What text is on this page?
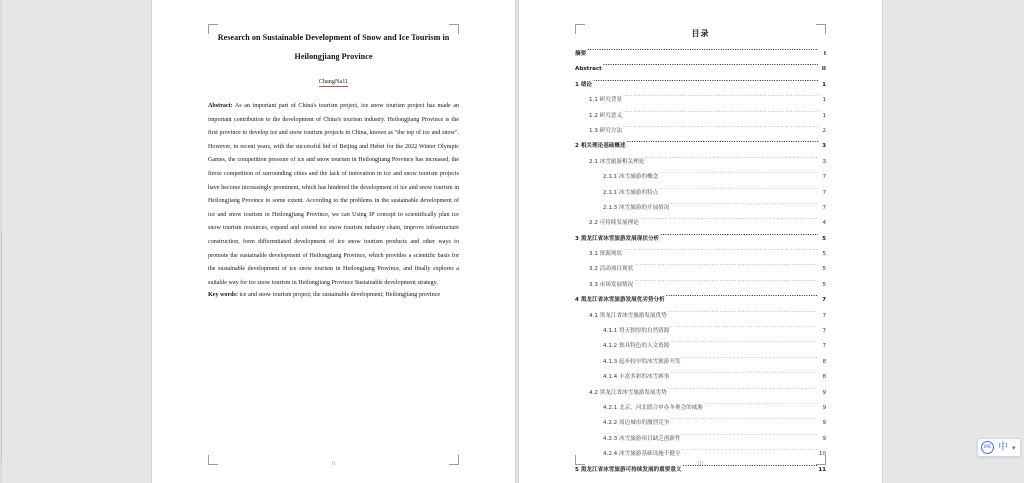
Research on Sustainable Development of Snow and Ice Tourism in Heilongjiang Province
ChangNa11
Abstract: As an important part of China's tourism project, ice snow tourism project has made an important contribution to the development of China's tourism industry. Heilongjiang Province is the first province to develop ice and snow tourism projects in China, known as "the top of ice and snow". However, in recent years, with the successful bid of Beijing and Hebei for the 2022 Winter Olympic Games, the competition pressure of ice and snow tourism in Heilongjiang Province has increased, the fierce competition of surrounding cities and the lack of innovation in ice and snow tourism projects have become increasingly prominent, which has hindered the development of ice and snow tourism in Heilongjiang Province to some extent. According to the problems in the sustainable development of ice and snow tourism in Heilongjiang Province, we can Using IP concept to scientifically plan ice snow tourism resources, expand and extend ice snow tourism industry chain, improve infrastructure construction, form differentiated development of ice snow tourism products and other ways to promote the sustainable development of Heilongjiang Province, which provides a scientific basis for the sustainable development of ice snow tourism in Heilongjiang Province, and finally explores a suitable way for ice snow tourism in Heilongjiang Province Sustainable development strategy.
Key words: ice and snow tourism project; the sustainable development; Heilongjiang province
II
目录
摘要 .....	I
Abstract .....	II
1 绪论 .....	1
1.1 研究背景 .....	1
1.2 研究意义 .....	1
1.3 研究方法 .....	2
2 相关理论基础概述 .....	3
2.1 冰雪旅游相关理论 .....	3
2.1.1 冰雪旅游的概念 .....	7
2.1.1 冰雪旅游的特点 .....	7
2.1.3 冰雪旅游的开展情况 .....	7
2.2 可持续发展理论 .....	4
3 黑龙江省冰雪旅游发展现状分析 .....	5
3.1 资源现状 .....	5
3.2 活动项目现状 .....	5
3.3 市场发展情况 .....	5
4 黑龙江省冰雪旅游发展优劣势分析 .....	7
4.1 黑龙江省冰雪旅游发展优势 .....	7
4.1.1 得天独厚的自然资源 .....	7
4.1.2 独具特色的人文资源 .....	7
4.1.3 起步较早的冰雪旅游开发 .....	8
4.1.4 丰富多彩的冰雪赛事 .....	8
4.2 黑龙江省冰雪旅游发展劣势 .....	9
4.2.1 北京、河北联合申办冬奥会的威胁 .....	9
4.2.2 周边城市的激烈竞争 .....	9
4.2.3 冰雪旅游项目缺乏创新性 .....	9
4.2.4 冰雪旅游基础设施不健全 .....	10
5 黑龙江省冰雪旅游可持续发展的重要意义 .....	11
III
IME 中 ▾
